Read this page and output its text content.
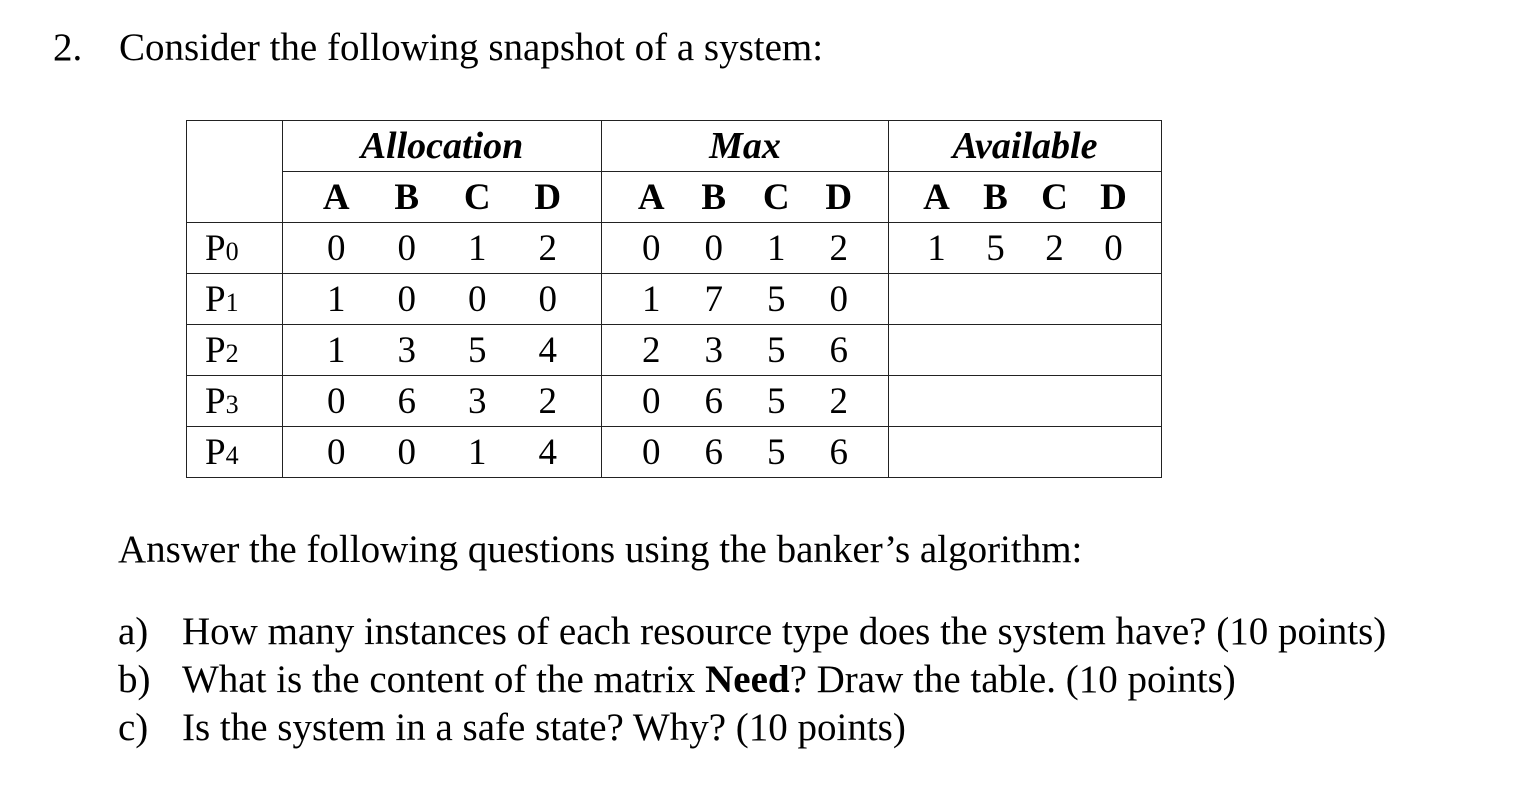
2. Consider the following snapshot of a system:
	Allocation	Max	Available

	A B C D	A B C D	A B C D

P0	0 0 1 2	0 0 1 2	1 5 2 0

P1	1 0 0 0	1 7 5 0	

P2	1 3 5 4	2 3 5 6	

P3	0 6 3 2	0 6 5 2	

P4	0 0 1 4	0 6 5 6	

Answer the following questions using the banker’s algorithm:
a) How many instances of each resource type does the system have? (10 points)
b) What is the content of the matrix Need? Draw the table. (10 points)
c) Is the system in a safe state? Why? (10 points)
